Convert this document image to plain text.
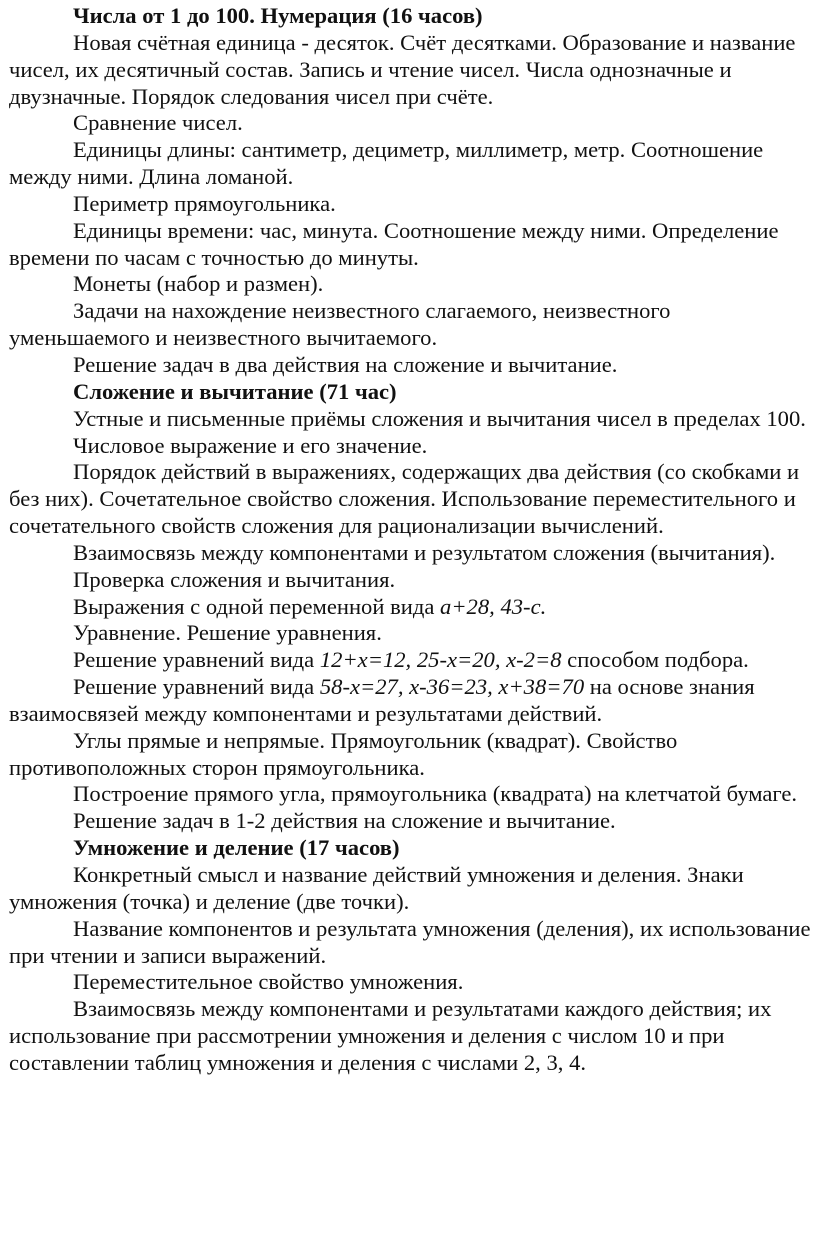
Числа от 1 до 100. Нумерация (16 часов)

Новая счётная единица - десяток. Счёт десятками. Образование и название чисел, их десятичный состав. Запись и чтение чисел. Числа однозначные и двузначные. Порядок следования чисел при счёте.

Сравнение чисел.

Единицы длины: сантиметр, дециметр, миллиметр, метр. Соотношение между ними. Длина ломаной.

Периметр прямоугольника.

Единицы времени: час, минута. Соотношение между ними. Определение времени по часам с точностью до минуты.

Монеты (набор и размен).

Задачи на нахождение неизвестного слагаемого, неизвестного уменьшаемого и неизвестного вычитаемого.

Решение задач в два действия на сложение и вычитание.

Сложение и вычитание (71 час)

Устные и письменные приёмы сложения и вычитания чисел в пределах 100.

Числовое выражение и его значение.

Порядок действий в выражениях, содержащих два действия (со скобками и без них). Сочетательное свойство сложения. Использование переместительного и сочетательного свойств сложения для рационализации вычислений.

Взаимосвязь между компонентами и результатом сложения (вычитания).

Проверка сложения и вычитания.

Выражения с одной переменной вида а+28, 43-с.

Уравнение. Решение уравнения.

Решение уравнений вида 12+х=12, 25-х=20, х-2=8 способом подбора.

Решение уравнений вида 58-х=27, х-36=23, х+38=70 на основе знания взаимосвязей между компонентами и результатами действий.

Углы прямые и непрямые. Прямоугольник (квадрат). Свойство противоположных сторон прямоугольника.

Построение прямого угла, прямоугольника (квадрата) на клетчатой бумаге.

Решение задач в 1-2 действия на сложение и вычитание.

Умножение и деление (17 часов)

Конкретный смысл и название действий умножения и деления. Знаки умножения (точка) и деление (две точки).

Название компонентов и результата умножения (деления), их использование при чтении и записи выражений.

Переместительное свойство умножения.

Взаимосвязь между компонентами и результатами каждого действия; их использование при рассмотрении умножения и деления с числом 10 и при составлении таблиц умножения и деления с числами 2, 3, 4.
